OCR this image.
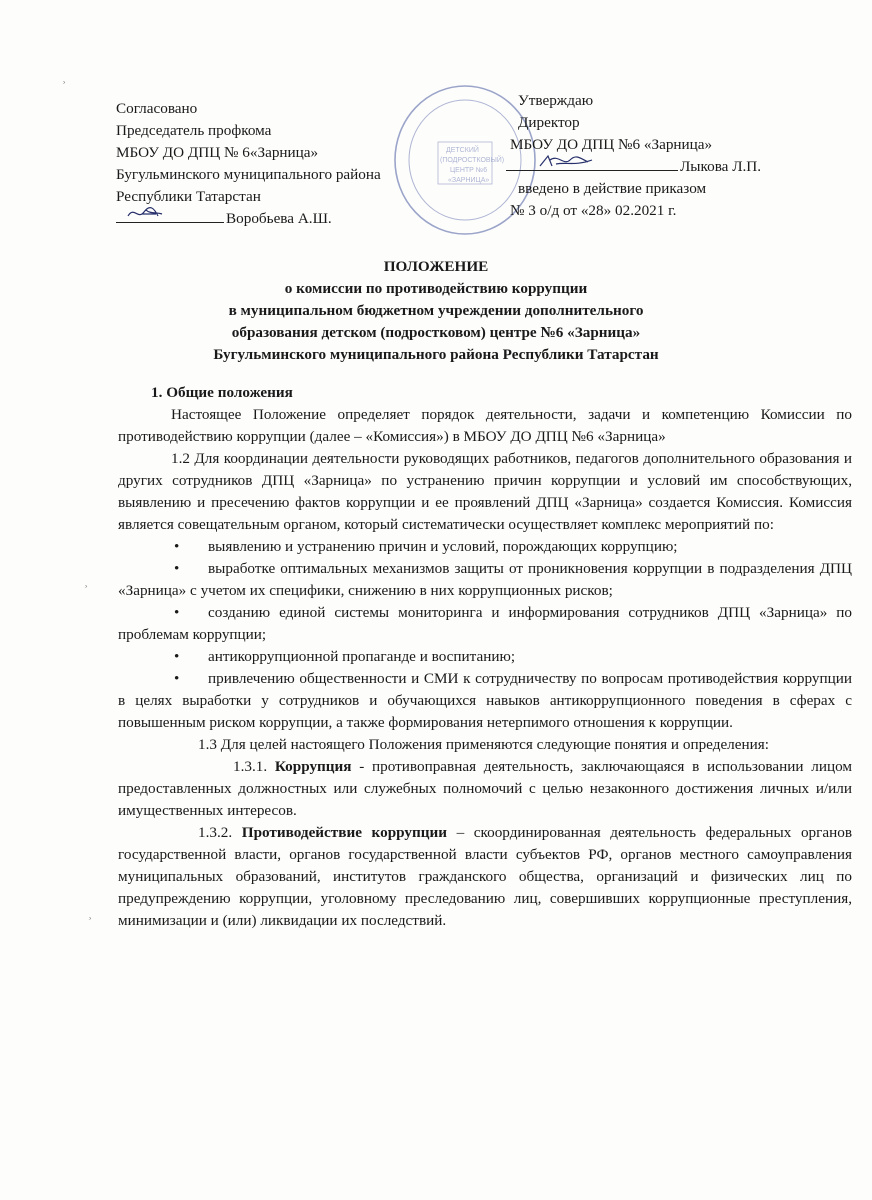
¸
¸
¸
Согласовано
Председатель профкома
МБОУ ДО ДПЦ № 6«Зарница»
Бугульминского муниципального района
Республики Татарстан
Воробьева А.Ш.
ДЕТСКИЙ
(ПОДРОСТКОВЫЙ)
ЦЕНТР №6
«ЗАРНИЦА»
Утверждаю
Директор
МБОУ ДО ДПЦ №6 «Зарница»
Лыкова Л.П.
введено в действие приказом
№ 3 о/д от «28» 02.2021 г.
ПОЛОЖЕНИЕ
о комиссии по противодействию коррупции
в муниципальном бюджетном учреждении дополнительного
образования детском (подростковом) центре №6 «Зарница»
Бугульминского муниципального района Республики Татарстан

1. Общие положения

Настоящее Положение определяет порядок деятельности, задачи и компетенцию Комиссии по противодействию коррупции (далее – «Комиссия») в МБОУ ДО ДПЦ №6 «Зарница»

1.2 Для координации деятельности руководящих работников, педагогов дополнительного образования и других сотрудников ДПЦ «Зарница» по устранению причин коррупции и условий им способствующих, выявлению и пресечению фактов коррупции и ее проявлений ДПЦ «Зарница» создается Комиссия. Комиссия является совещательным органом, который систематически осуществляет комплекс мероприятий по:

•	выявлению и устранению причин и условий, порождающих коррупцию;

•	выработке оптимальных механизмов защиты от проникновения коррупции в подразделения ДПЦ «Зарница» с учетом их специфики, снижению в них коррупционных рисков;

•	созданию единой системы мониторинга и информирования сотрудников ДПЦ «Зарница» по проблемам коррупции;

•	антикоррупционной пропаганде и воспитанию;

•	привлечению общественности и СМИ к сотрудничеству по вопросам противодействия коррупции в целях выработки у сотрудников и обучающихся навыков антикоррупционного поведения в сферах с повышенным риском коррупции, а также формирования нетерпимого отношения к коррупции.

1.3 Для целей настоящего Положения применяются следующие понятия и определения:

1.3.1. Коррупция - противоправная деятельность, заключающаяся в использовании лицом предоставленных должностных или служебных полномочий с целью незаконного достижения личных и/или имущественных интересов.

1.3.2. Противодействие коррупции – скоординированная деятельность федеральных органов государственной власти, органов государственной власти субъектов РФ, органов местного самоуправления муниципальных образований, институтов гражданского общества, организаций и физических лиц по предупреждению коррупции, уголовному преследованию лиц, совершивших коррупционные преступления, минимизации и (или) ликвидации их последствий.
